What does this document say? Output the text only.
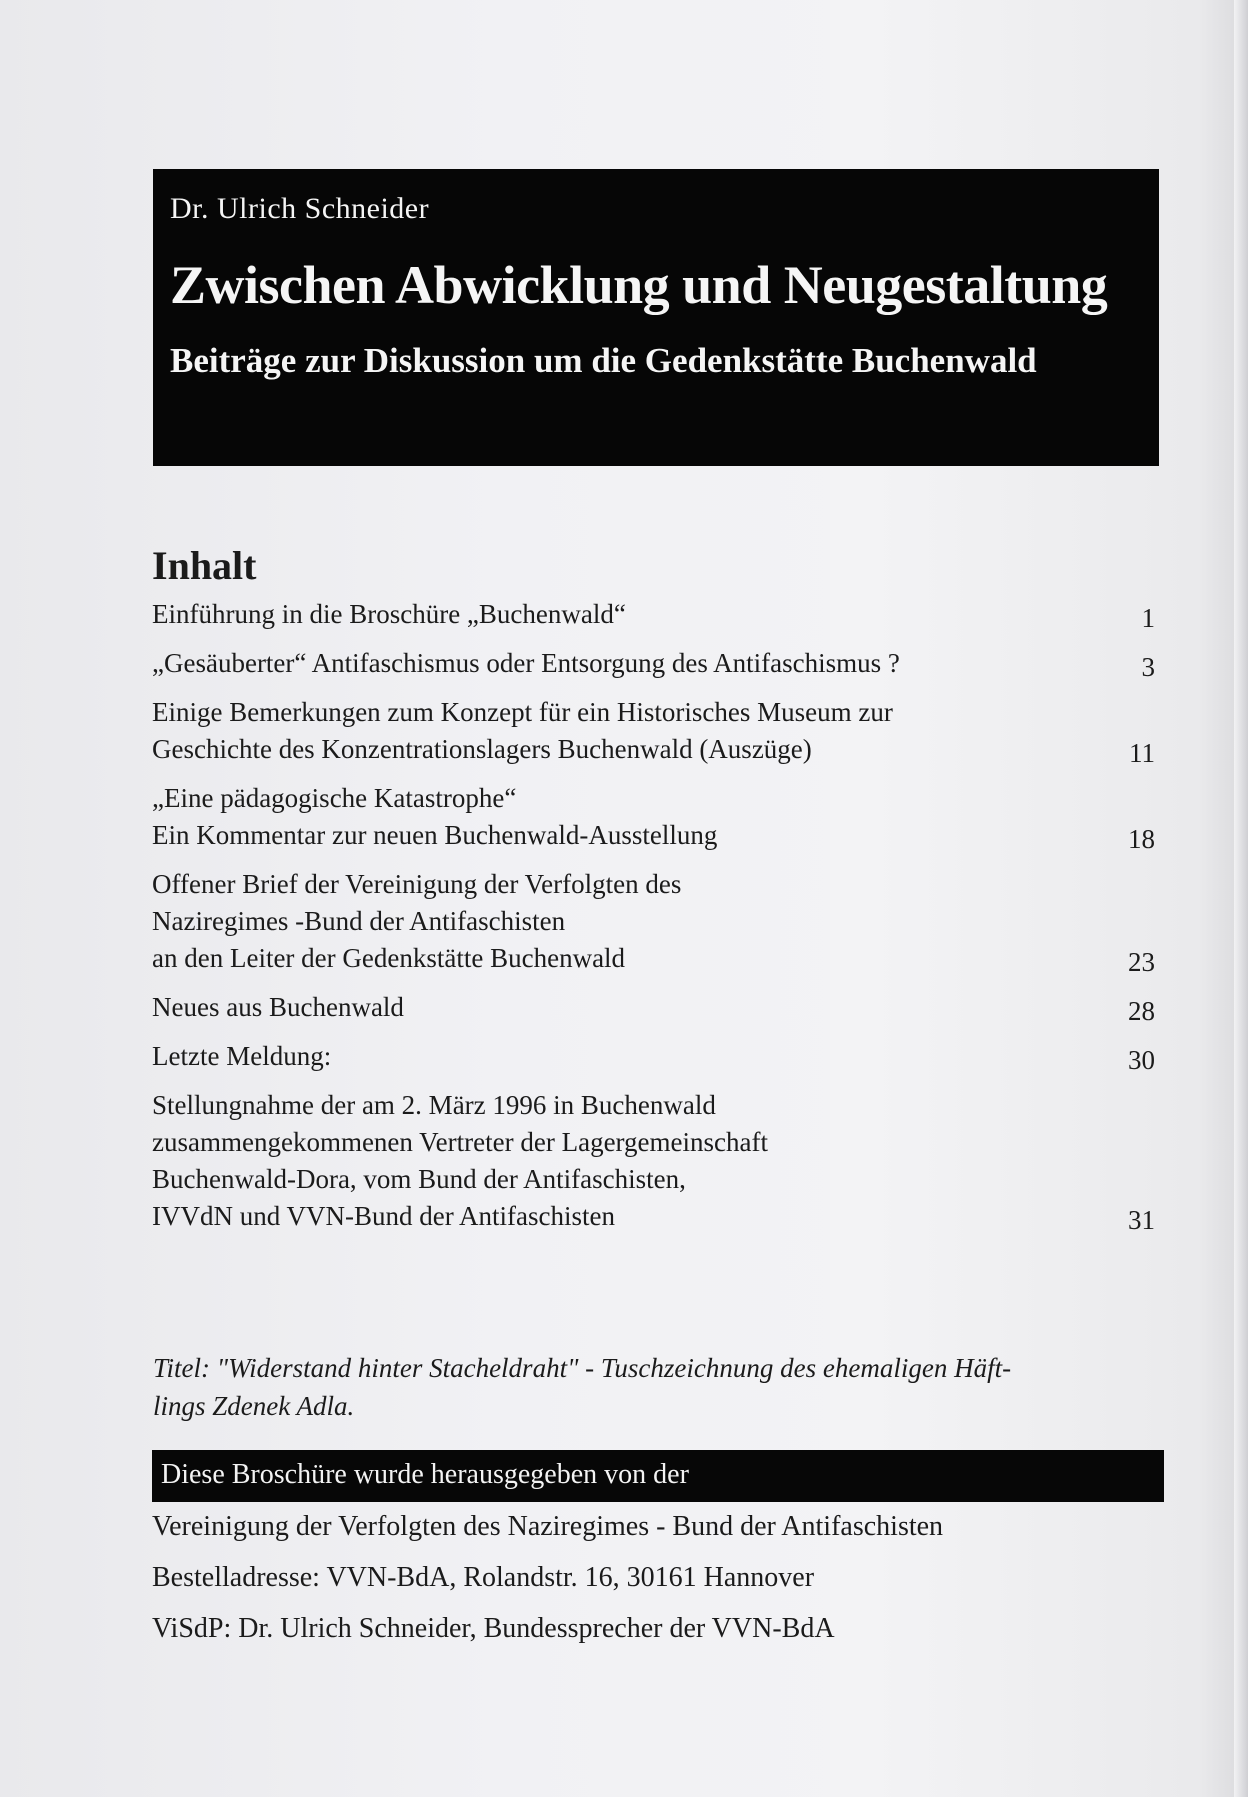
Dr. Ulrich Schneider
Zwischen Abwicklung und Neugestaltung
Beiträge zur Diskussion um die Gedenkstätte Buchenwald
Inhalt
Einführung in die Broschüre „Buchenwald“	1
„Gesäuberter“ Antifaschismus oder Entsorgung des Antifaschismus ?	3
Einige Bemerkungen zum Konzept für ein Historisches Museum zur
Geschichte des Konzentrationslagers Buchenwald (Auszüge)	11
„Eine pädagogische Katastrophe“
Ein Kommentar zur neuen Buchenwald-Ausstellung	18
Offener Brief der Vereinigung der Verfolgten des
Naziregimes -Bund der Antifaschisten
an den Leiter der Gedenkstätte Buchenwald	23
Neues aus Buchenwald	28
Letzte Meldung:	30
Stellungnahme der am 2. März 1996 in Buchenwald
zusammengekommenen Vertreter der Lagergemeinschaft
Buchenwald-Dora, vom Bund der Antifaschisten,
IVVdN und VVN-Bund der Antifaschisten	31
Titel: "Widerstand hinter Stacheldraht" - Tuschzeichnung des ehemaligen Häft-
lings Zdenek Adla.
Diese Broschüre wurde herausgegeben von der
Vereinigung der Verfolgten des Naziregimes - Bund der Antifaschisten
Bestelladresse: VVN-BdA, Rolandstr. 16, 30161 Hannover
ViSdP: Dr. Ulrich Schneider, Bundessprecher der VVN-BdA
